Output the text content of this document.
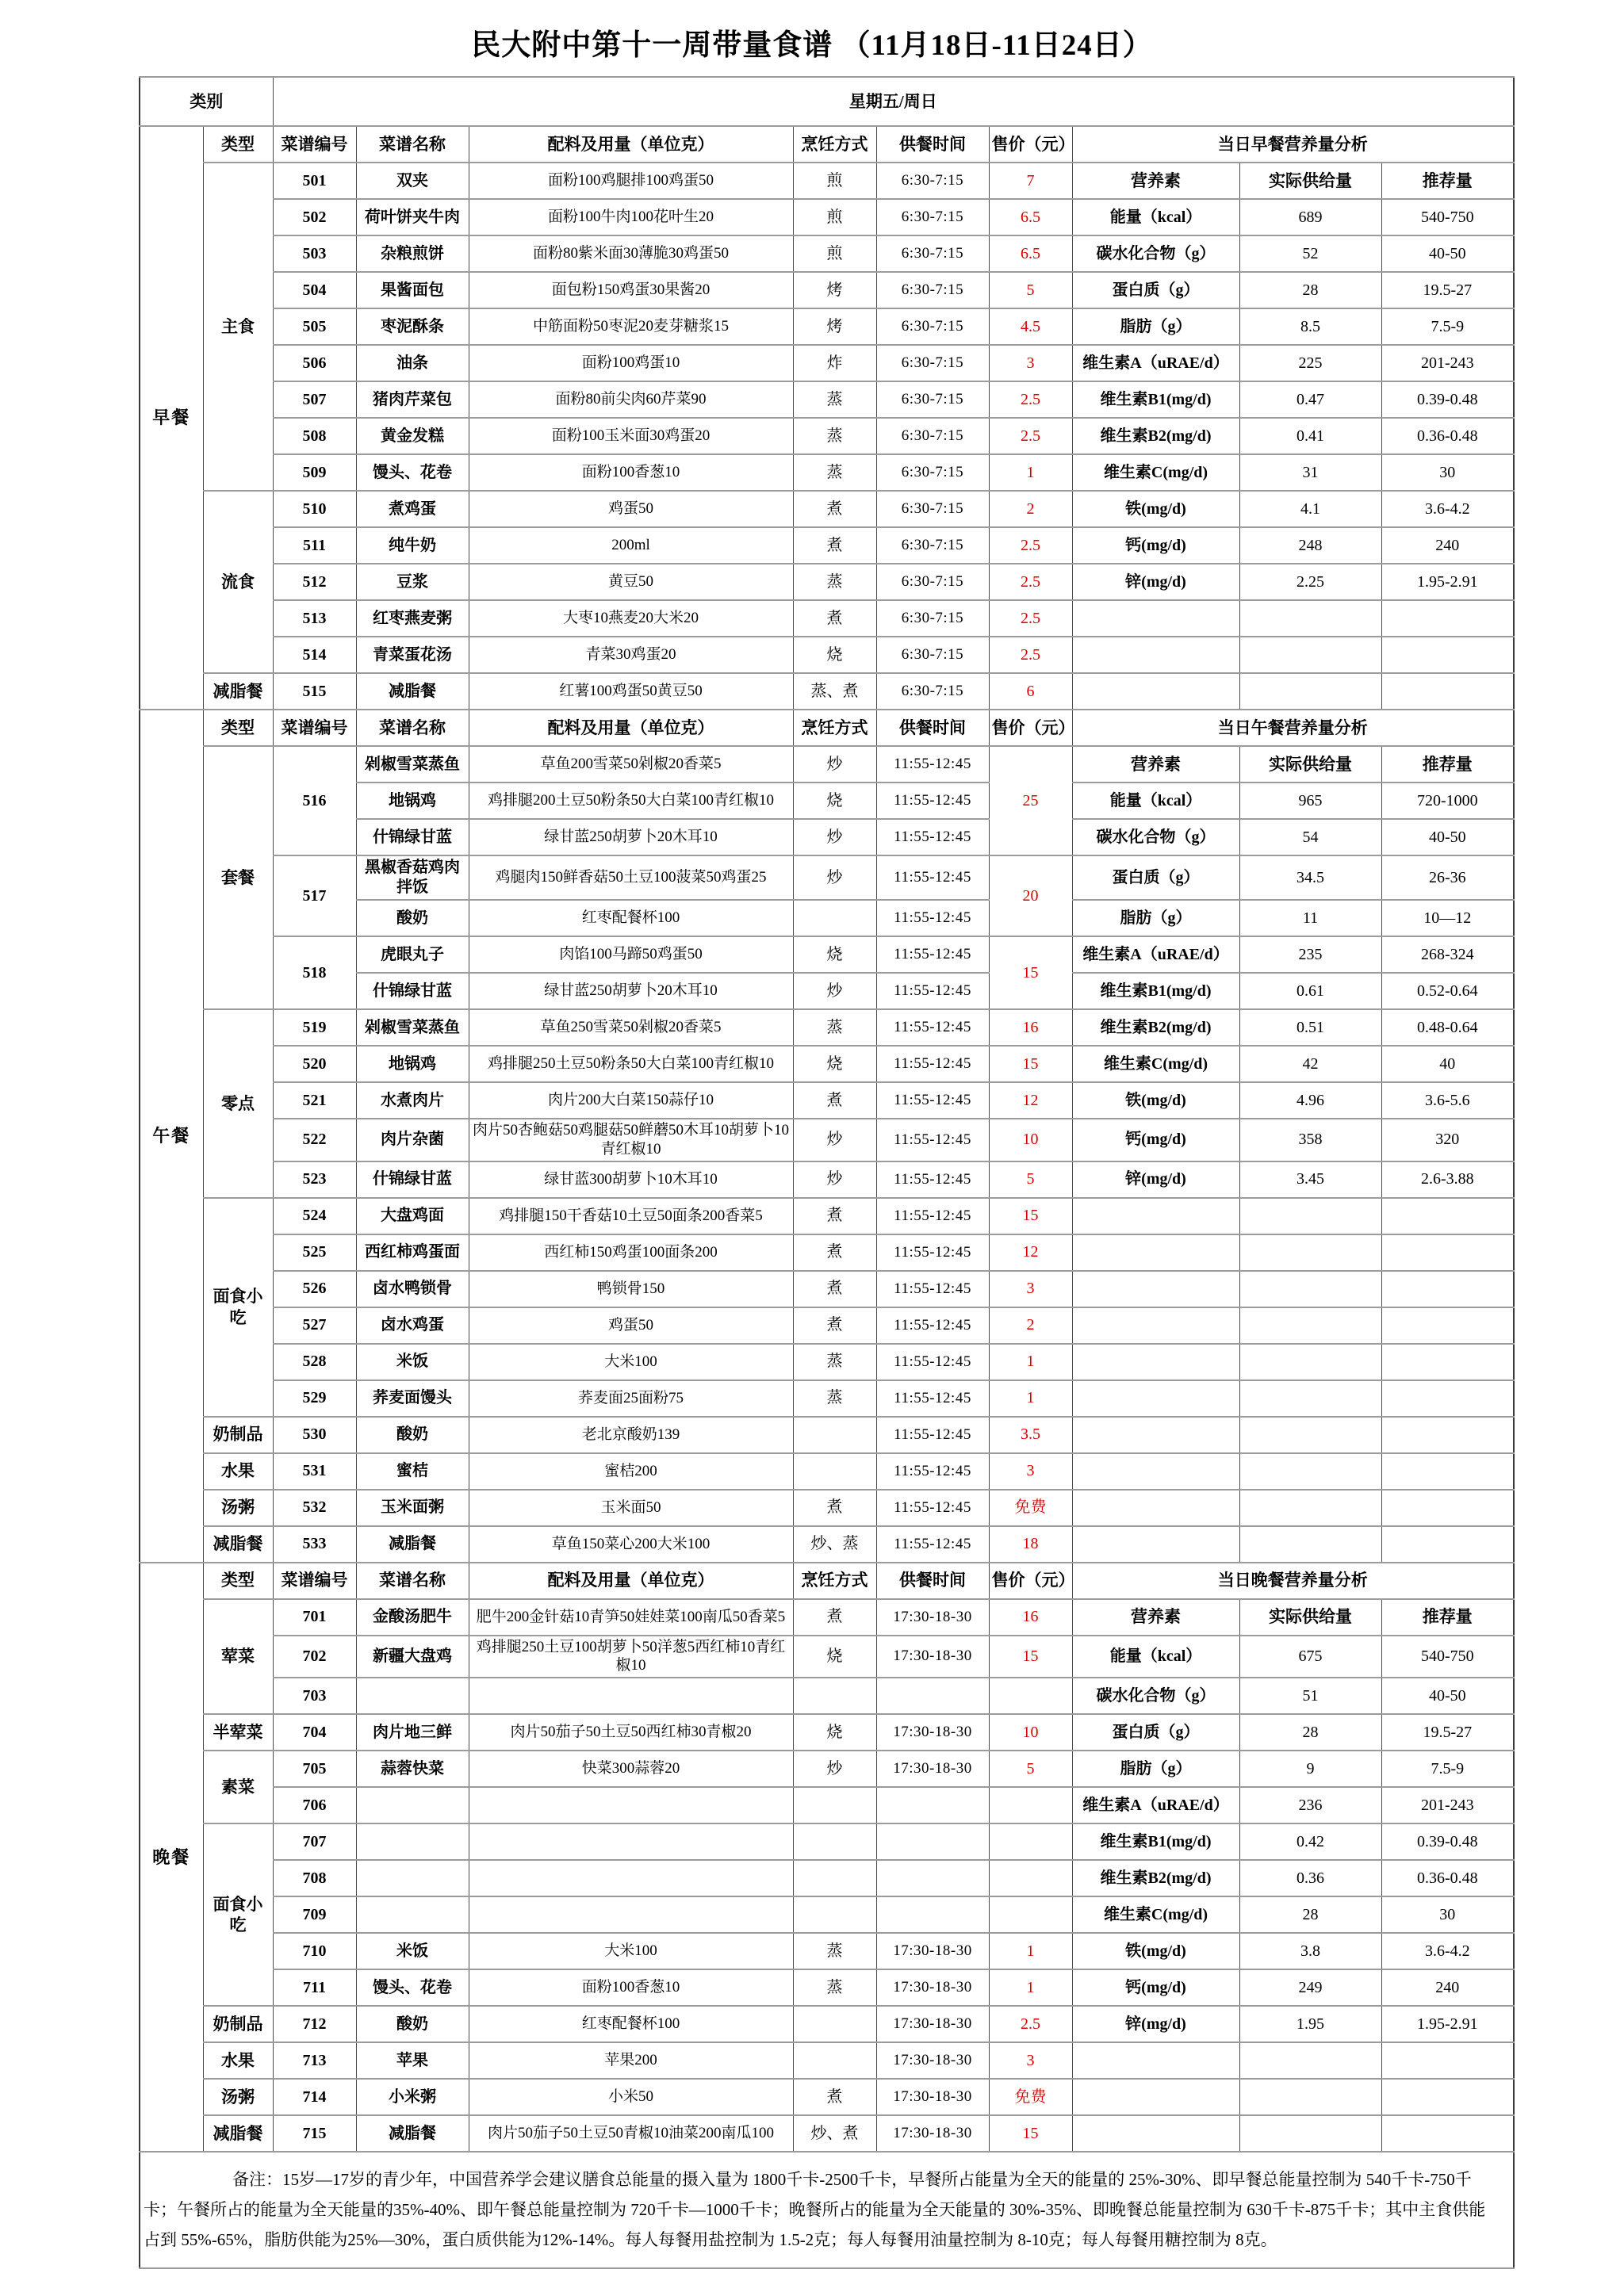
民大附中第十一周带量食谱 （11月18日-11日24日）
类别		星期五/周日								
早餐	类型	菜谱编号	菜谱名称	配料及用量（单位克）	烹饪方式	供餐时间	售价（元）	当日早餐营养量分析		
	主食	501	双夹	面粉100鸡腿排100鸡蛋50	煎	6:30-7:15	7	营养素	实际供给量	推荐量
		502	荷叶饼夹牛肉	面粉100牛肉100花叶生20	煎	6:30-7:15	6.5	能量（kcal）	689	540-750
		503	杂粮煎饼	面粉80紫米面30薄脆30鸡蛋50	煎	6:30-7:15	6.5	碳水化合物（g）	52	40-50
		504	果酱面包	面包粉150鸡蛋30果酱20	烤	6:30-7:15	5	蛋白质（g）	28	19.5-27
		505	枣泥酥条	中筋面粉50枣泥20麦芽糖浆15	烤	6:30-7:15	4.5	脂肪（g）	8.5	7.5-9
		506	油条	面粉100鸡蛋10	炸	6:30-7:15	3	维生素A（uRAE/d）	225	201-243
		507	猪肉芹菜包	面粉80前尖肉60芹菜90	蒸	6:30-7:15	2.5	维生素B1(mg/d)	0.47	0.39-0.48
		508	黄金发糕	面粉100玉米面30鸡蛋20	蒸	6:30-7:15	2.5	维生素B2(mg/d)	0.41	0.36-0.48
		509	馒头、花卷	面粉100香葱10	蒸	6:30-7:15	1	维生素C(mg/d)	31	30
	流食	510	煮鸡蛋	鸡蛋50	煮	6:30-7:15	2	铁(mg/d)	4.1	3.6-4.2
		511	纯牛奶	200ml	煮	6:30-7:15	2.5	钙(mg/d)	248	240
		512	豆浆	黄豆50	蒸	6:30-7:15	2.5	锌(mg/d)	2.25	1.95-2.91
		513	红枣燕麦粥	大枣10燕麦20大米20	煮	6:30-7:15	2.5			
		514	青菜蛋花汤	青菜30鸡蛋20	烧	6:30-7:15	2.5			
	减脂餐	515	减脂餐	红薯100鸡蛋50黄豆50	蒸、煮	6:30-7:15	6			
午餐	类型	菜谱编号	菜谱名称	配料及用量（单位克）	烹饪方式	供餐时间	售价（元）	当日午餐营养量分析		
	套餐	516	剁椒雪菜蒸鱼	草鱼200雪菜50剁椒20香菜5	炒	11:55-12:45	25	营养素	实际供给量	推荐量
			地锅鸡	鸡排腿200土豆50粉条50大白菜100青红椒10	烧	11:55-12:45		能量（kcal）	965	720-1000
			什锦绿甘蓝	绿甘蓝250胡萝卜20木耳10	炒	11:55-12:45		碳水化合物（g）	54	40-50
		517	黑椒香菇鸡肉拌饭	鸡腿肉150鲜香菇50土豆100菠菜50鸡蛋25	炒	11:55-12:45	20	蛋白质（g）	34.5	26-36
			酸奶	红枣配餐杯100		11:55-12:45		脂肪（g）	11	10—12
		518	虎眼丸子	肉馅100马蹄50鸡蛋50	烧	11:55-12:45	15	维生素A（uRAE/d）	235	268-324
			什锦绿甘蓝	绿甘蓝250胡萝卜20木耳10	炒	11:55-12:45		维生素B1(mg/d)	0.61	0.52-0.64
	零点	519	剁椒雪菜蒸鱼	草鱼250雪菜50剁椒20香菜5	蒸	11:55-12:45	16	维生素B2(mg/d)	0.51	0.48-0.64
		520	地锅鸡	鸡排腿250土豆50粉条50大白菜100青红椒10	烧	11:55-12:45	15	维生素C(mg/d)	42	40
		521	水煮肉片	肉片200大白菜150蒜仔10	煮	11:55-12:45	12	铁(mg/d)	4.96	3.6-5.6
		522	肉片杂菌	肉片50杏鲍菇50鸡腿菇50鲜蘑50木耳10胡萝卜10青红椒10	炒	11:55-12:45	10	钙(mg/d)	358	320
		523	什锦绿甘蓝	绿甘蓝300胡萝卜10木耳10	炒	11:55-12:45	5	锌(mg/d)	3.45	2.6-3.88
	面食小吃	524	大盘鸡面	鸡排腿150干香菇10土豆50面条200香菜5	煮	11:55-12:45	15			
		525	西红柿鸡蛋面	西红柿150鸡蛋100面条200	煮	11:55-12:45	12			
		526	卤水鸭锁骨	鸭锁骨150	煮	11:55-12:45	3			
		527	卤水鸡蛋	鸡蛋50	煮	11:55-12:45	2			
		528	米饭	大米100	蒸	11:55-12:45	1			
		529	荞麦面馒头	荞麦面25面粉75	蒸	11:55-12:45	1			
	奶制品	530	酸奶	老北京酸奶139		11:55-12:45	3.5			
	水果	531	蜜桔	蜜桔200		11:55-12:45	3			
	汤粥	532	玉米面粥	玉米面50	煮	11:55-12:45	免费			
	减脂餐	533	减脂餐	草鱼150菜心200大米100	炒、蒸	11:55-12:45	18			
晚餐	类型	菜谱编号	菜谱名称	配料及用量（单位克）	烹饪方式	供餐时间	售价（元）	当日晚餐营养量分析		
	荤菜	701	金酸汤肥牛	肥牛200金针菇10青笋50娃娃菜100南瓜50香菜5	煮	17:30-18-30	16	营养素	实际供给量	推荐量
		702	新疆大盘鸡	鸡排腿250土豆100胡萝卜50洋葱5西红柿10青红椒10	烧	17:30-18-30	15	能量（kcal）	675	540-750
		703						碳水化合物（g）	51	40-50
	半荤菜	704	肉片地三鲜	肉片50茄子50土豆50西红柿30青椒20	烧	17:30-18-30	10	蛋白质（g）	28	19.5-27
	素菜	705	蒜蓉快菜	快菜300蒜蓉20	炒	17:30-18-30	5	脂肪（g）	9	7.5-9
		706						维生素A（uRAE/d）	236	201-243
	面食小吃	707						维生素B1(mg/d)	0.42	0.39-0.48
		708						维生素B2(mg/d)	0.36	0.36-0.48
		709						维生素C(mg/d)	28	30
		710	米饭	大米100	蒸	17:30-18-30	1	铁(mg/d)	3.8	3.6-4.2
		711	馒头、花卷	面粉100香葱10	蒸	17:30-18-30	1	钙(mg/d)	249	240
	奶制品	712	酸奶	红枣配餐杯100		17:30-18-30	2.5	锌(mg/d)	1.95	1.95-2.91
	水果	713	苹果	苹果200		17:30-18-30	3			
	汤粥	714	小米粥	小米50	煮	17:30-18-30	免费			
	减脂餐	715	减脂餐	肉片50茄子50土豆50青椒10油菜200南瓜100	炒、煮	17:30-18-30	15			

备注：15岁—17岁的青少年，中国营养学会建议膳食总能量的摄入量为 1800千卡-2500千卡，早餐所占能量为全天的能量的 25%-30%、即早餐总能量控制为 540千卡-750千卡；午餐所占的能量为全天能量的35%-40%、即午餐总能量控制为 720千卡—1000千卡；晚餐所占的能量为全天能量的 30%-35%、即晚餐总能量控制为 630千卡-875千卡；其中主食供能占到 55%-65%，脂肪供能为25%—30%，蛋白质供能为12%-14%。每人每餐用盐控制为 1.5-2克；每人每餐用油量控制为 8-10克；每人每餐用糖控制为 8克。										
